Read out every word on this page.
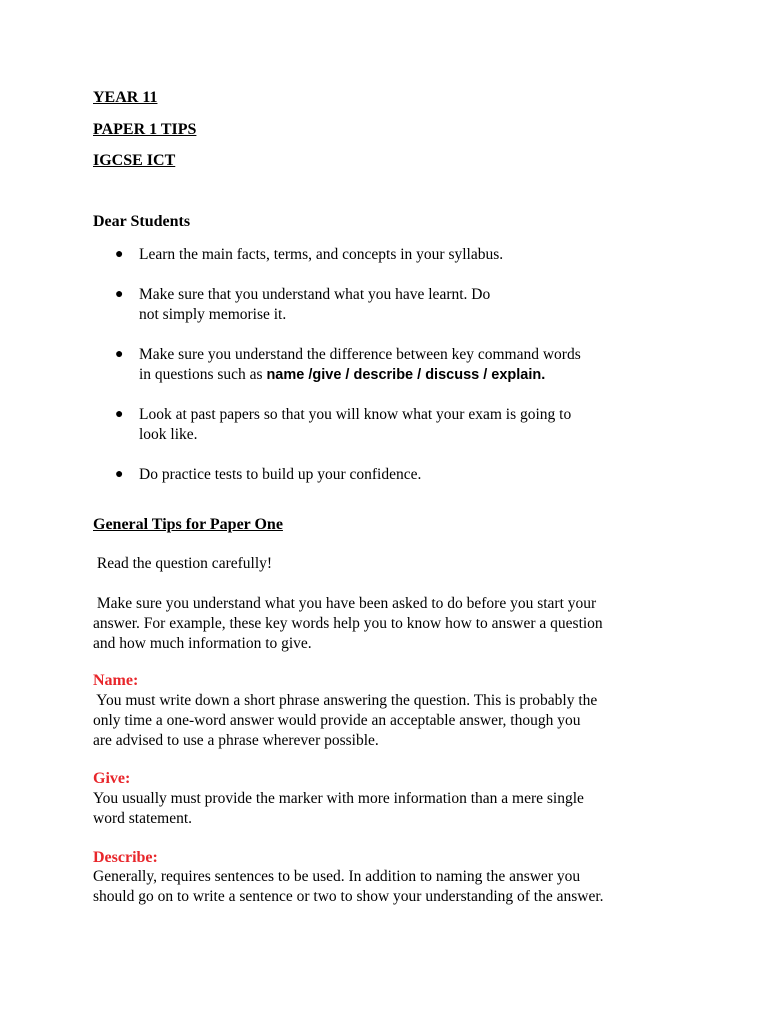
YEAR 11
PAPER 1 TIPS
IGCSE ICT
Dear Students
●	Learn the main facts, terms, and concepts in your syllabus.
●	Make sure that you understand what you have learnt. Do
not simply memorise it.
●	Make sure you understand the difference between key command words
in questions such as name /give / describe / discuss / explain.
●	Look at past papers so that you will know what your exam is going to
look like.
●	Do practice tests to build up your confidence.
General Tips for Paper One

Read the question carefully!

Make sure you understand what you have been asked to do before you start your
answer. For example, these key words help you to know how to answer a question
and how much information to give.

Name:

You must write down a short phrase answering the question. This is probably the
only time a one-word answer would provide an acceptable answer, though you
are advised to use a phrase wherever possible.

Give:

You usually must provide the marker with more information than a mere single
word statement.

Describe:

Generally, requires sentences to be used. In addition to naming the answer you
should go on to write a sentence or two to show your understanding of the answer.
